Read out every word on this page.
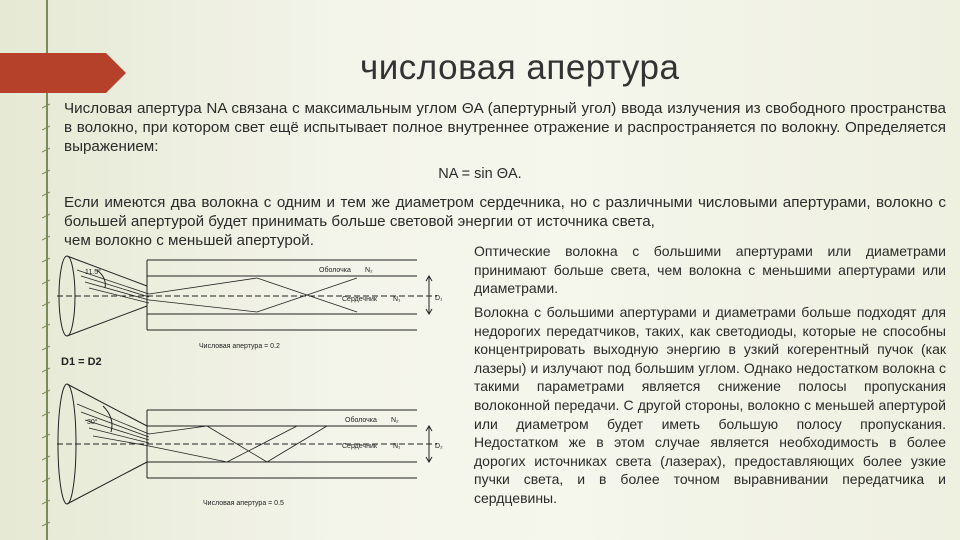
числовая апертура

Числовая апертура NA связана с максимальным углом ΘA (апертурный угол) ввода излучения из свободного пространства в волокно, при котором свет ещё испытывает полное внутреннее отражение и распространяется по волокну. Определяется выражением:

NA = sin ΘA.

Если имеются два волокна с одним и тем же диаметром сердечника, но с различными числовыми апертурами, волокно с большей апертурой будет принимать больше световой энергии от источника света,
чем волокно с меньшей апертурой.

Оптические волокна с большими апертурами или диаметрами принимают больше света, чем волокна с меньшими апертурами или диаметрами.

Волокна с большими апертурами и диаметрами больше подходят для недорогих передатчиков, таких, как светодиоды, которые не способны концентрировать выходную энергию в узкий когерентный пучок (как лазеры) и излучают под большим углом. Однако недостатком волокна с такими параметрами является снижение полосы пропускания волоконной передачи. С другой стороны, волокно с меньшей апертурой или диаметром будет иметь большую полосу пропускания. Недостатком же в этом случае является необходимость в более дорогих источниках света (лазерах), предоставляющих более узкие пучки света, и в более точном выравнивании передатчика и сердцевины.

11.5°	Оболочка N₂
Сердечник N₁	D₁
Числовая апертура = 0.2
D1 = D2
30°	Оболочка N₂
Сердечник N₁	D₂
Числовая апертура = 0.5
